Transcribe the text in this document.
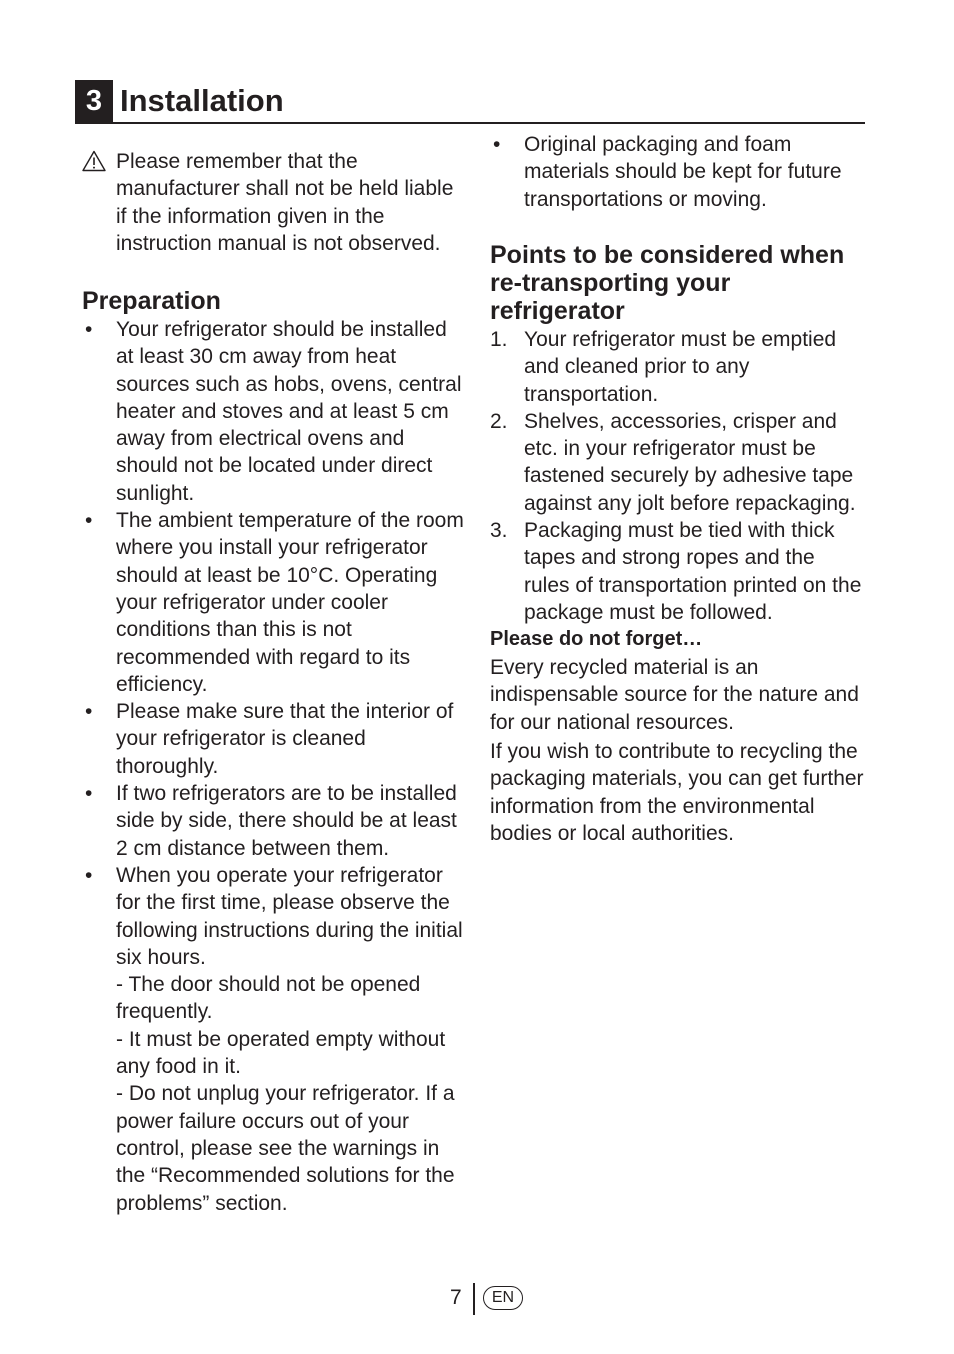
3 Installation
Please remember that the manufacturer shall not be held liable if the information given in the instruction manual is not observed.
Preparation
• Your refrigerator should be installed at least 30 cm away from heat sources such as hobs, ovens, central heater and stoves and at least 5 cm away from electrical ovens and should not be located under direct sunlight.
• The ambient temperature of the room where you install your refrigerator should at least be 10°C. Operating your refrigerator under cooler conditions than this is not recommended with regard to its efficiency.
• Please make sure that the interior of your refrigerator is cleaned thoroughly.
• If two refrigerators are to be installed side by side, there should be at least 2 cm distance between them.
• When you operate your refrigerator for the first time, please observe the following instructions during the initial six hours.
- The door should not be opened frequently.
- It must be operated empty without any food in it.
- Do not unplug your refrigerator. If a power failure occurs out of your control, please see the warnings in the “Recommended solutions for the problems” section.
• Original packaging and foam materials should be kept for future transportations or moving.
Points to be considered when re-transporting your refrigerator
1. Your refrigerator must be emptied and cleaned prior to any transportation.
2. Shelves, accessories, crisper and etc. in your refrigerator must be fastened securely by adhesive tape against any jolt before repackaging.
3. Packaging must be tied with thick tapes and strong ropes and the rules of transportation printed on the package must be followed.
Please do not forget…
Every recycled material is an indispensable source for the nature and for our national resources.
If you wish to contribute to recycling the packaging materials, you can get further information from the environmental bodies or local authorities.
7	EN
